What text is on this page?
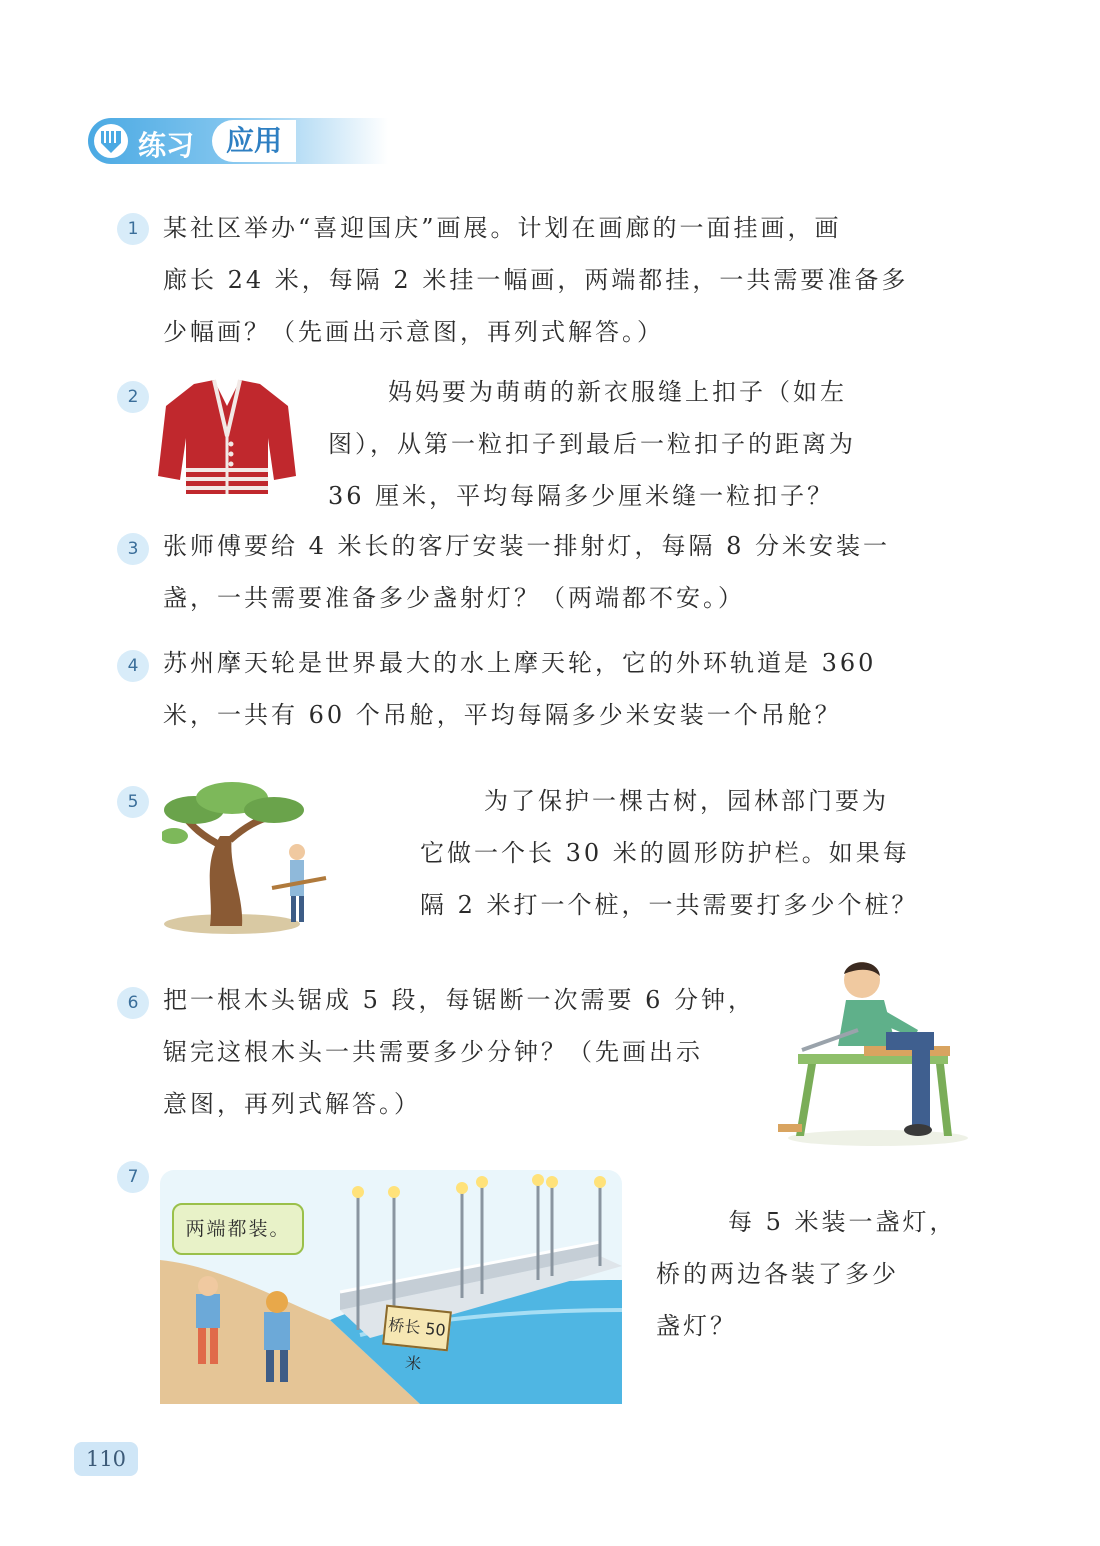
练习	应用
1	某社区举办“喜迎国庆”画展。计划在画廊的一面挂画，画
廊长 24 米，每隔 2 米挂一幅画，两端都挂，一共需要准备多
少幅画？（先画出示意图，再列式解答。）
2	妈妈要为萌萌的新衣服缝上扣子（如左
图），从第一粒扣子到最后一粒扣子的距离为
36 厘米，平均每隔多少厘米缝一粒扣子？
3	张师傅要给 4 米长的客厅安装一排射灯，每隔 8 分米安装一
盏，一共需要准备多少盏射灯？（两端都不安。）
4	苏州摩天轮是世界最大的水上摩天轮，它的外环轨道是 360
米，一共有 60 个吊舱，平均每隔多少米安装一个吊舱？
5	为了保护一棵古树，园林部门要为
它做一个长 30 米的圆形防护栏。如果每
隔 2 米打一个桩，一共需要打多少个桩？
6	把一根木头锯成 5 段，每锯断一次需要 6 分钟，
锯完这根木头一共需要多少分钟？（先画出示
意图，再列式解答。）
7
两端都装。
桥长 50 米
每 5 米装一盏灯，
桥的两边各装了多少
盏灯？
110
